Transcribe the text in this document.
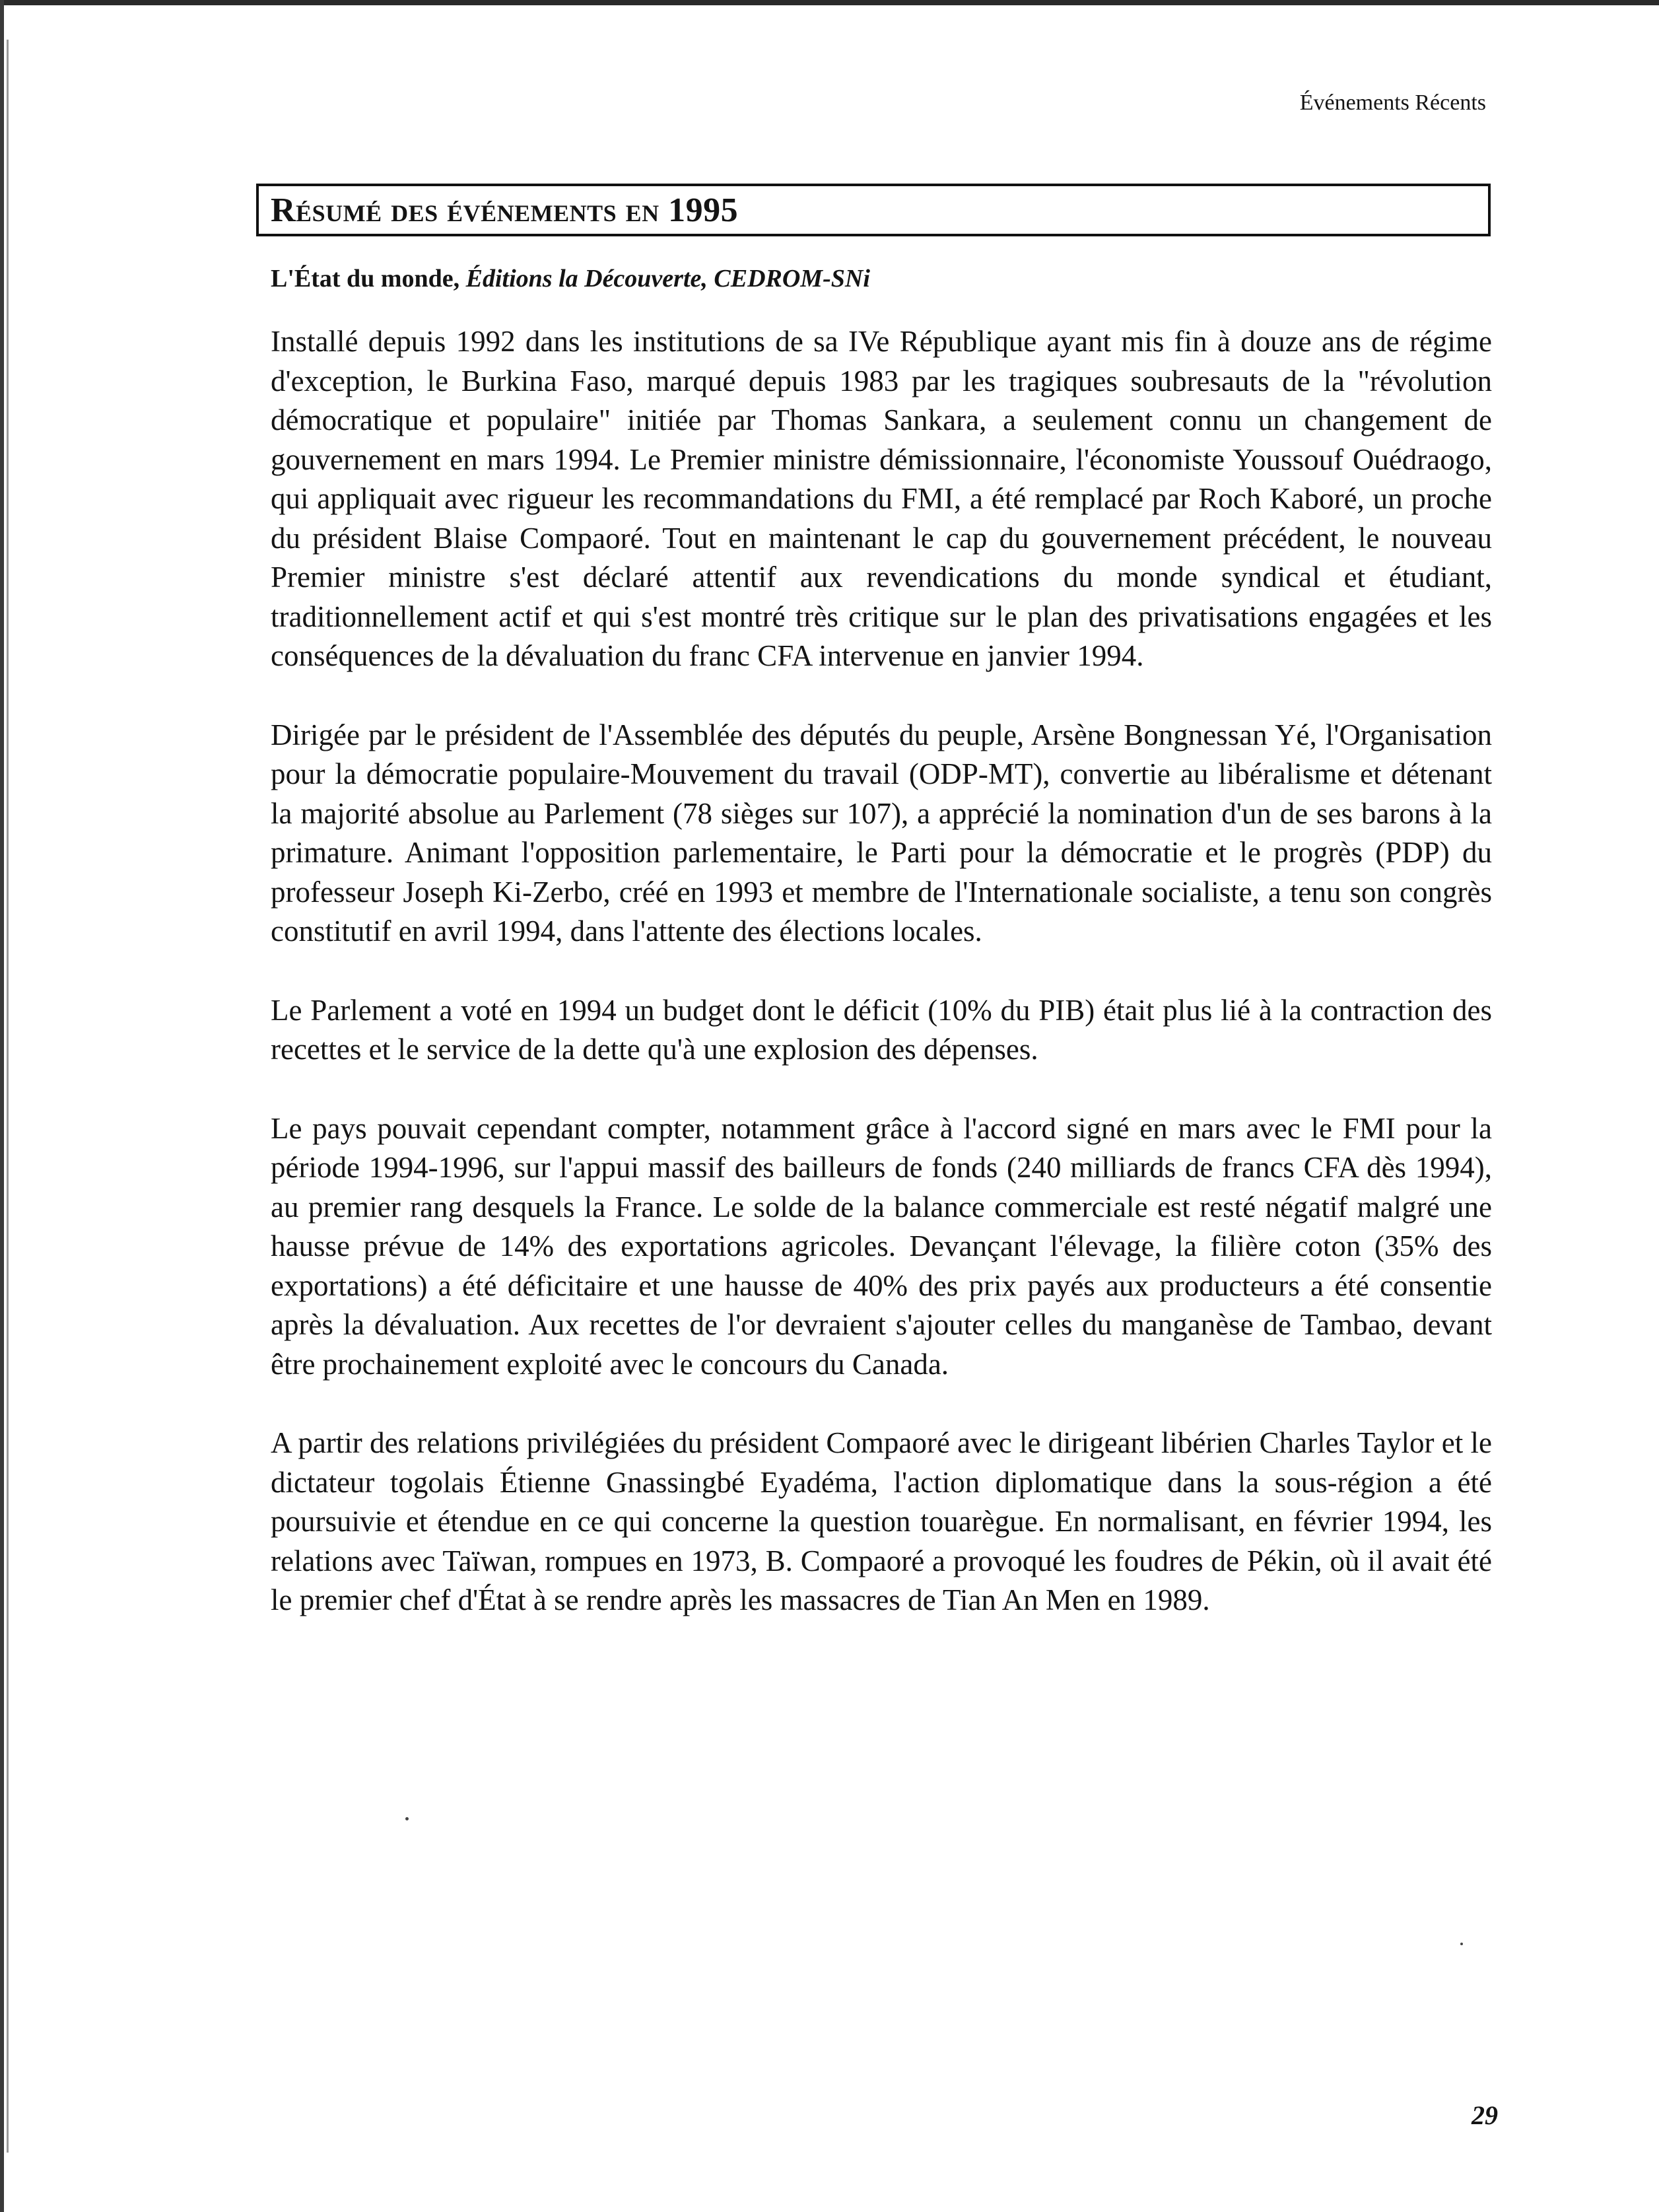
Événements Récents
Résumé des événements en 1995
L'État du monde, Éditions la Découverte, CEDROM-SNi

Installé depuis 1992 dans les institutions de sa IVe République ayant mis fin à douze ans de régime d'exception, le Burkina Faso, marqué depuis 1983 par les tragiques soubresauts de la "révolution démocratique et populaire" initiée par Thomas Sankara, a seulement connu un changement de gouvernement en mars 1994. Le Premier ministre démissionnaire, l'économiste Youssouf Ouédraogo, qui appliquait avec rigueur les recommandations du FMI, a été remplacé par Roch Kaboré, un proche du président Blaise Compaoré. Tout en maintenant le cap du gouvernement précédent, le nouveau Premier ministre s'est déclaré attentif aux revendications du monde syndical et étudiant, traditionnellement actif et qui s'est montré très critique sur le plan des privatisations engagées et les conséquences de la dévaluation du franc CFA intervenue en janvier 1994.

Dirigée par le président de l'Assemblée des députés du peuple, Arsène Bongnessan Yé, l'Organisation pour la démocratie populaire-Mouvement du travail (ODP-MT), convertie au libéralisme et détenant la majorité absolue au Parlement (78 sièges sur 107), a apprécié la nomination d'un de ses barons à la primature. Animant l'opposition parlementaire, le Parti pour la démocratie et le progrès (PDP) du professeur Joseph Ki-Zerbo, créé en 1993 et membre de l'Internationale socialiste, a tenu son congrès constitutif en avril 1994, dans l'attente des élections locales.

Le Parlement a voté en 1994 un budget dont le déficit (10% du PIB) était plus lié à la contraction des recettes et le service de la dette qu'à une explosion des dépenses.

Le pays pouvait cependant compter, notamment grâce à l'accord signé en mars avec le FMI pour la période 1994-1996, sur l'appui massif des bailleurs de fonds (240 milliards de francs CFA dès 1994), au premier rang desquels la France. Le solde de la balance commerciale est resté négatif malgré une hausse prévue de 14% des exportations agricoles. Devançant l'élevage, la filière coton (35% des exportations) a été déficitaire et une hausse de 40% des prix payés aux producteurs a été consentie après la dévaluation. Aux recettes de l'or devraient s'ajouter celles du manganèse de Tambao, devant être prochainement exploité avec le concours du Canada.

A partir des relations privilégiées du président Compaoré avec le dirigeant libérien Charles Taylor et le dictateur togolais Étienne Gnassingbé Eyadéma, l'action diplomatique dans la sous-région a été poursuivie et étendue en ce qui concerne la question touarègue. En normalisant, en février 1994, les relations avec Taïwan, rompues en 1973, B. Compaoré a provoqué les foudres de Pékin, où il avait été le premier chef d'État à se rendre après les massacres de Tian An Men en 1989.

29
